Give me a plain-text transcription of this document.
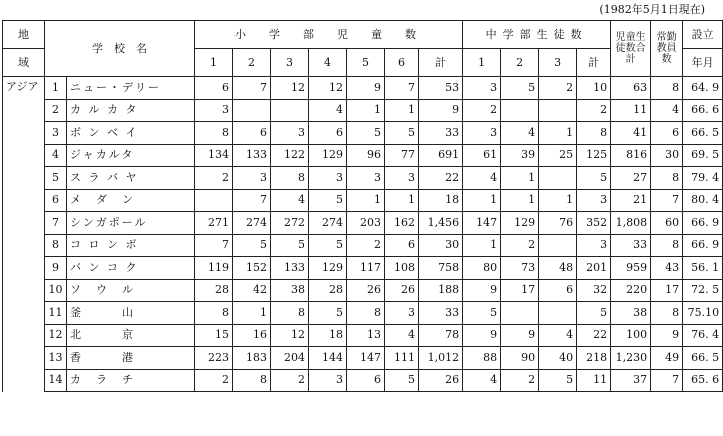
(1982年5月1日現在)
地	学　校　名		小　学　部　児　童　数							中学部生徒数				児童生徒数合計	常勤教員数	設立
域			1	2	3	4	5	6	計	1	2	3	計			年月
アジア	1	ニュー・デリー	6	7	12	12	9	7	53	3	5	2	10	63	8	64. 9
	2	カ ル カ タ	3			4	1	1	9	2			2	11	4	66. 6
	3	ボ ン ベ イ	8	6	3	6	5	5	33	3	4	1	8	41	6	66. 5
	4	ジャカルタ	134	133	122	129	96	77	691	61	39	25	125	816	30	69. 5
	5	ス ラ バ ヤ	2	3	8	3	3	3	22	4	1		5	27	8	79. 4
	6	メ　ダ　ン		7	4	5	1	1	18	1	1	1	3	21	7	80. 4
	7	シンガポール	271	274	272	274	203	162	1,456	147	129	76	352	1,808	60	66. 9
	8	コ ロ ン ボ	7	5	5	5	2	6	30	1	2		3	33	8	66. 9
	9	バ ン コ ク	119	152	133	129	117	108	758	80	73	48	201	959	43	56. 1
	10	ソ　ウ　ル	28	42	38	28	26	26	188	9	17	6	32	220	17	72. 5
	11	釜　　　山	8	1	8	5	8	3	33	5			5	38	8	75.10
	12	北　　　京	15	16	12	18	13	4	78	9	9	4	22	100	9	76. 4
	13	香　　　港	223	183	204	144	147	111	1,012	88	90	40	218	1,230	49	66. 5
	14	カ　ラ　チ	2	8	2	3	6	5	26	4	2	5	11	37	7	65. 6
